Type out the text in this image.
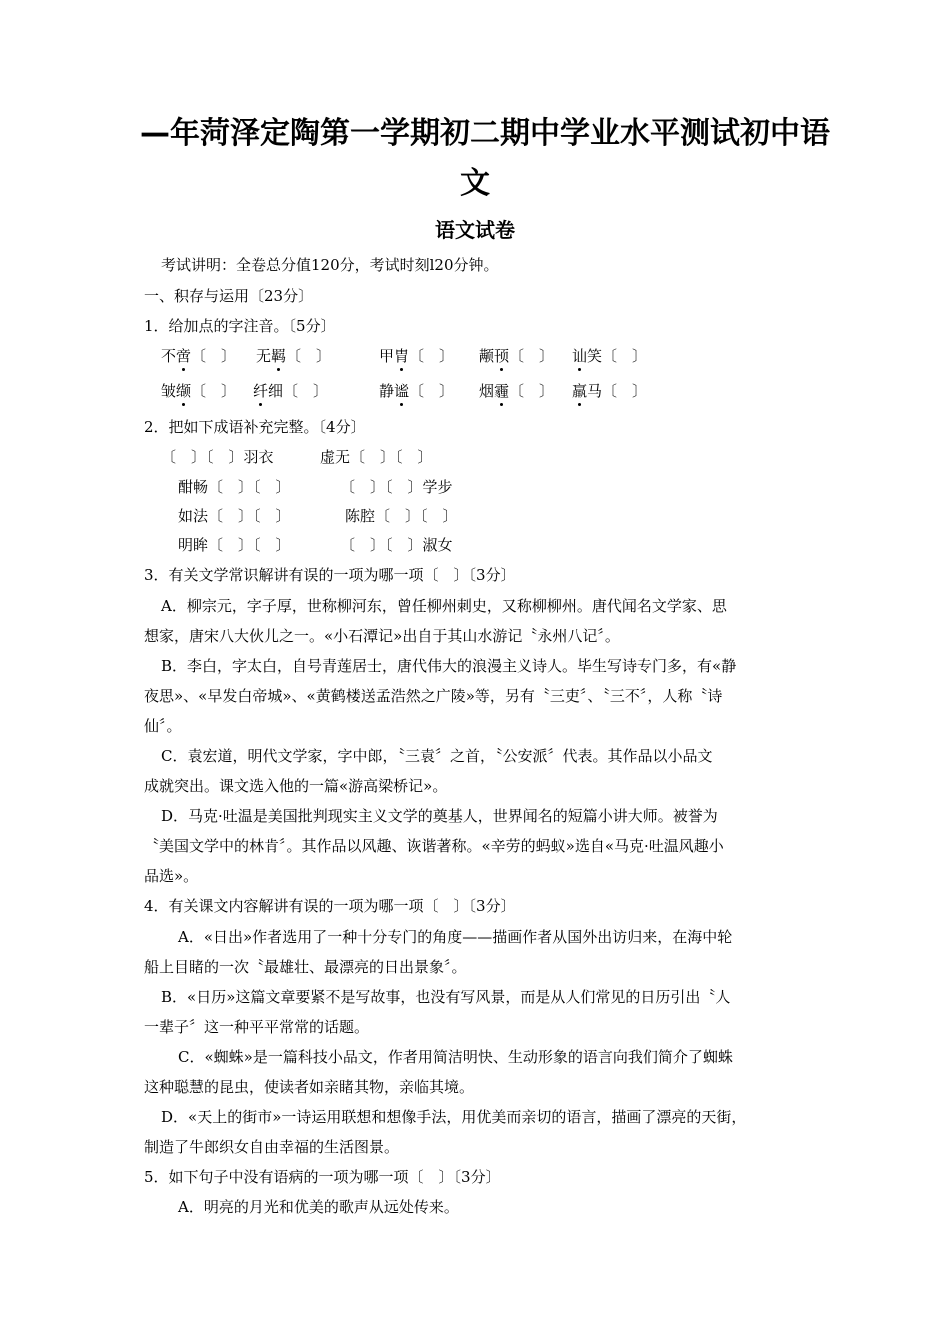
—年菏泽定陶第一学期初二期中学业水平测试初中语
文
语文试卷
考试讲明：全卷总分值120分，考试时刻l20分钟。
一、积存与运用〔23分〕
1．给加点的字注音。〔5分〕
不啻〔　〕 无羁〔　〕	甲胄〔　〕 颟顸〔　〕 讪笑〔　〕
皱缬〔　〕 纤细〔　〕	静谧〔　〕 烟霾〔　〕 羸马〔　〕
2．把如下成语补充完整。〔4分〕
〔　〕〔　〕羽衣	虚无〔　〕〔　〕
酣畅〔　〕〔　〕	〔　〕〔　〕学步
如法〔　〕〔　〕	陈腔〔　〕〔　〕
明眸〔　〕〔　〕	〔　〕〔　〕淑女
3．有关文学常识解讲有误的一项为哪一项〔　〕〔3分〕
A．柳宗元，字子厚，世称柳河东，曾任柳州刺史，又称柳柳州。唐代闻名文学家、思
想家，唐宋八大伙儿之一。«小石潭记»出自于其山水游记〝永州八记〞。
B．李白，字太白，自号青莲居士，唐代伟大的浪漫主义诗人。毕生写诗专门多，有«静
夜思»、«早发白帝城»、«黄鹤楼送孟浩然之广陵»等，另有〝三吏〞、〝三不〞，人称〝诗
仙〞。
C．袁宏道，明代文学家，字中郎，〝三袁〞之首，〝公安派〞代表。其作品以小品文
成就突出。课文选入他的一篇«游高梁桥记»。
D．马克·吐温是美国批判现实主义文学的奠基人，世界闻名的短篇小讲大师。被誉为
〝美国文学中的林肯〞。其作品以风趣、诙谐著称。«辛劳的蚂蚁»选自«马克·吐温风趣小
品选»。
4．有关课文内容解讲有误的一项为哪一项〔　〕〔3分〕
A．«日出»作者选用了一种十分专门的角度——描画作者从国外出访归来，在海中轮
船上目睹的一次〝最雄壮、最漂亮的日出景象〞。
B．«日历»这篇文章要紧不是写故事，也没有写风景，而是从人们常见的日历引出〝人
一辈子〞这一种平平常常的话题。
C．«蜘蛛»是一篇科技小品文，作者用简洁明快、生动形象的语言向我们简介了蜘蛛
这种聪慧的昆虫，使读者如亲睹其物，亲临其境。
D．«天上的街市»一诗运用联想和想像手法，用优美而亲切的语言，描画了漂亮的天街，
制造了牛郎织女自由幸福的生活图景。
5．如下句子中没有语病的一项为哪一项〔　〕〔3分〕
A．明亮的月光和优美的歌声从远处传来。
